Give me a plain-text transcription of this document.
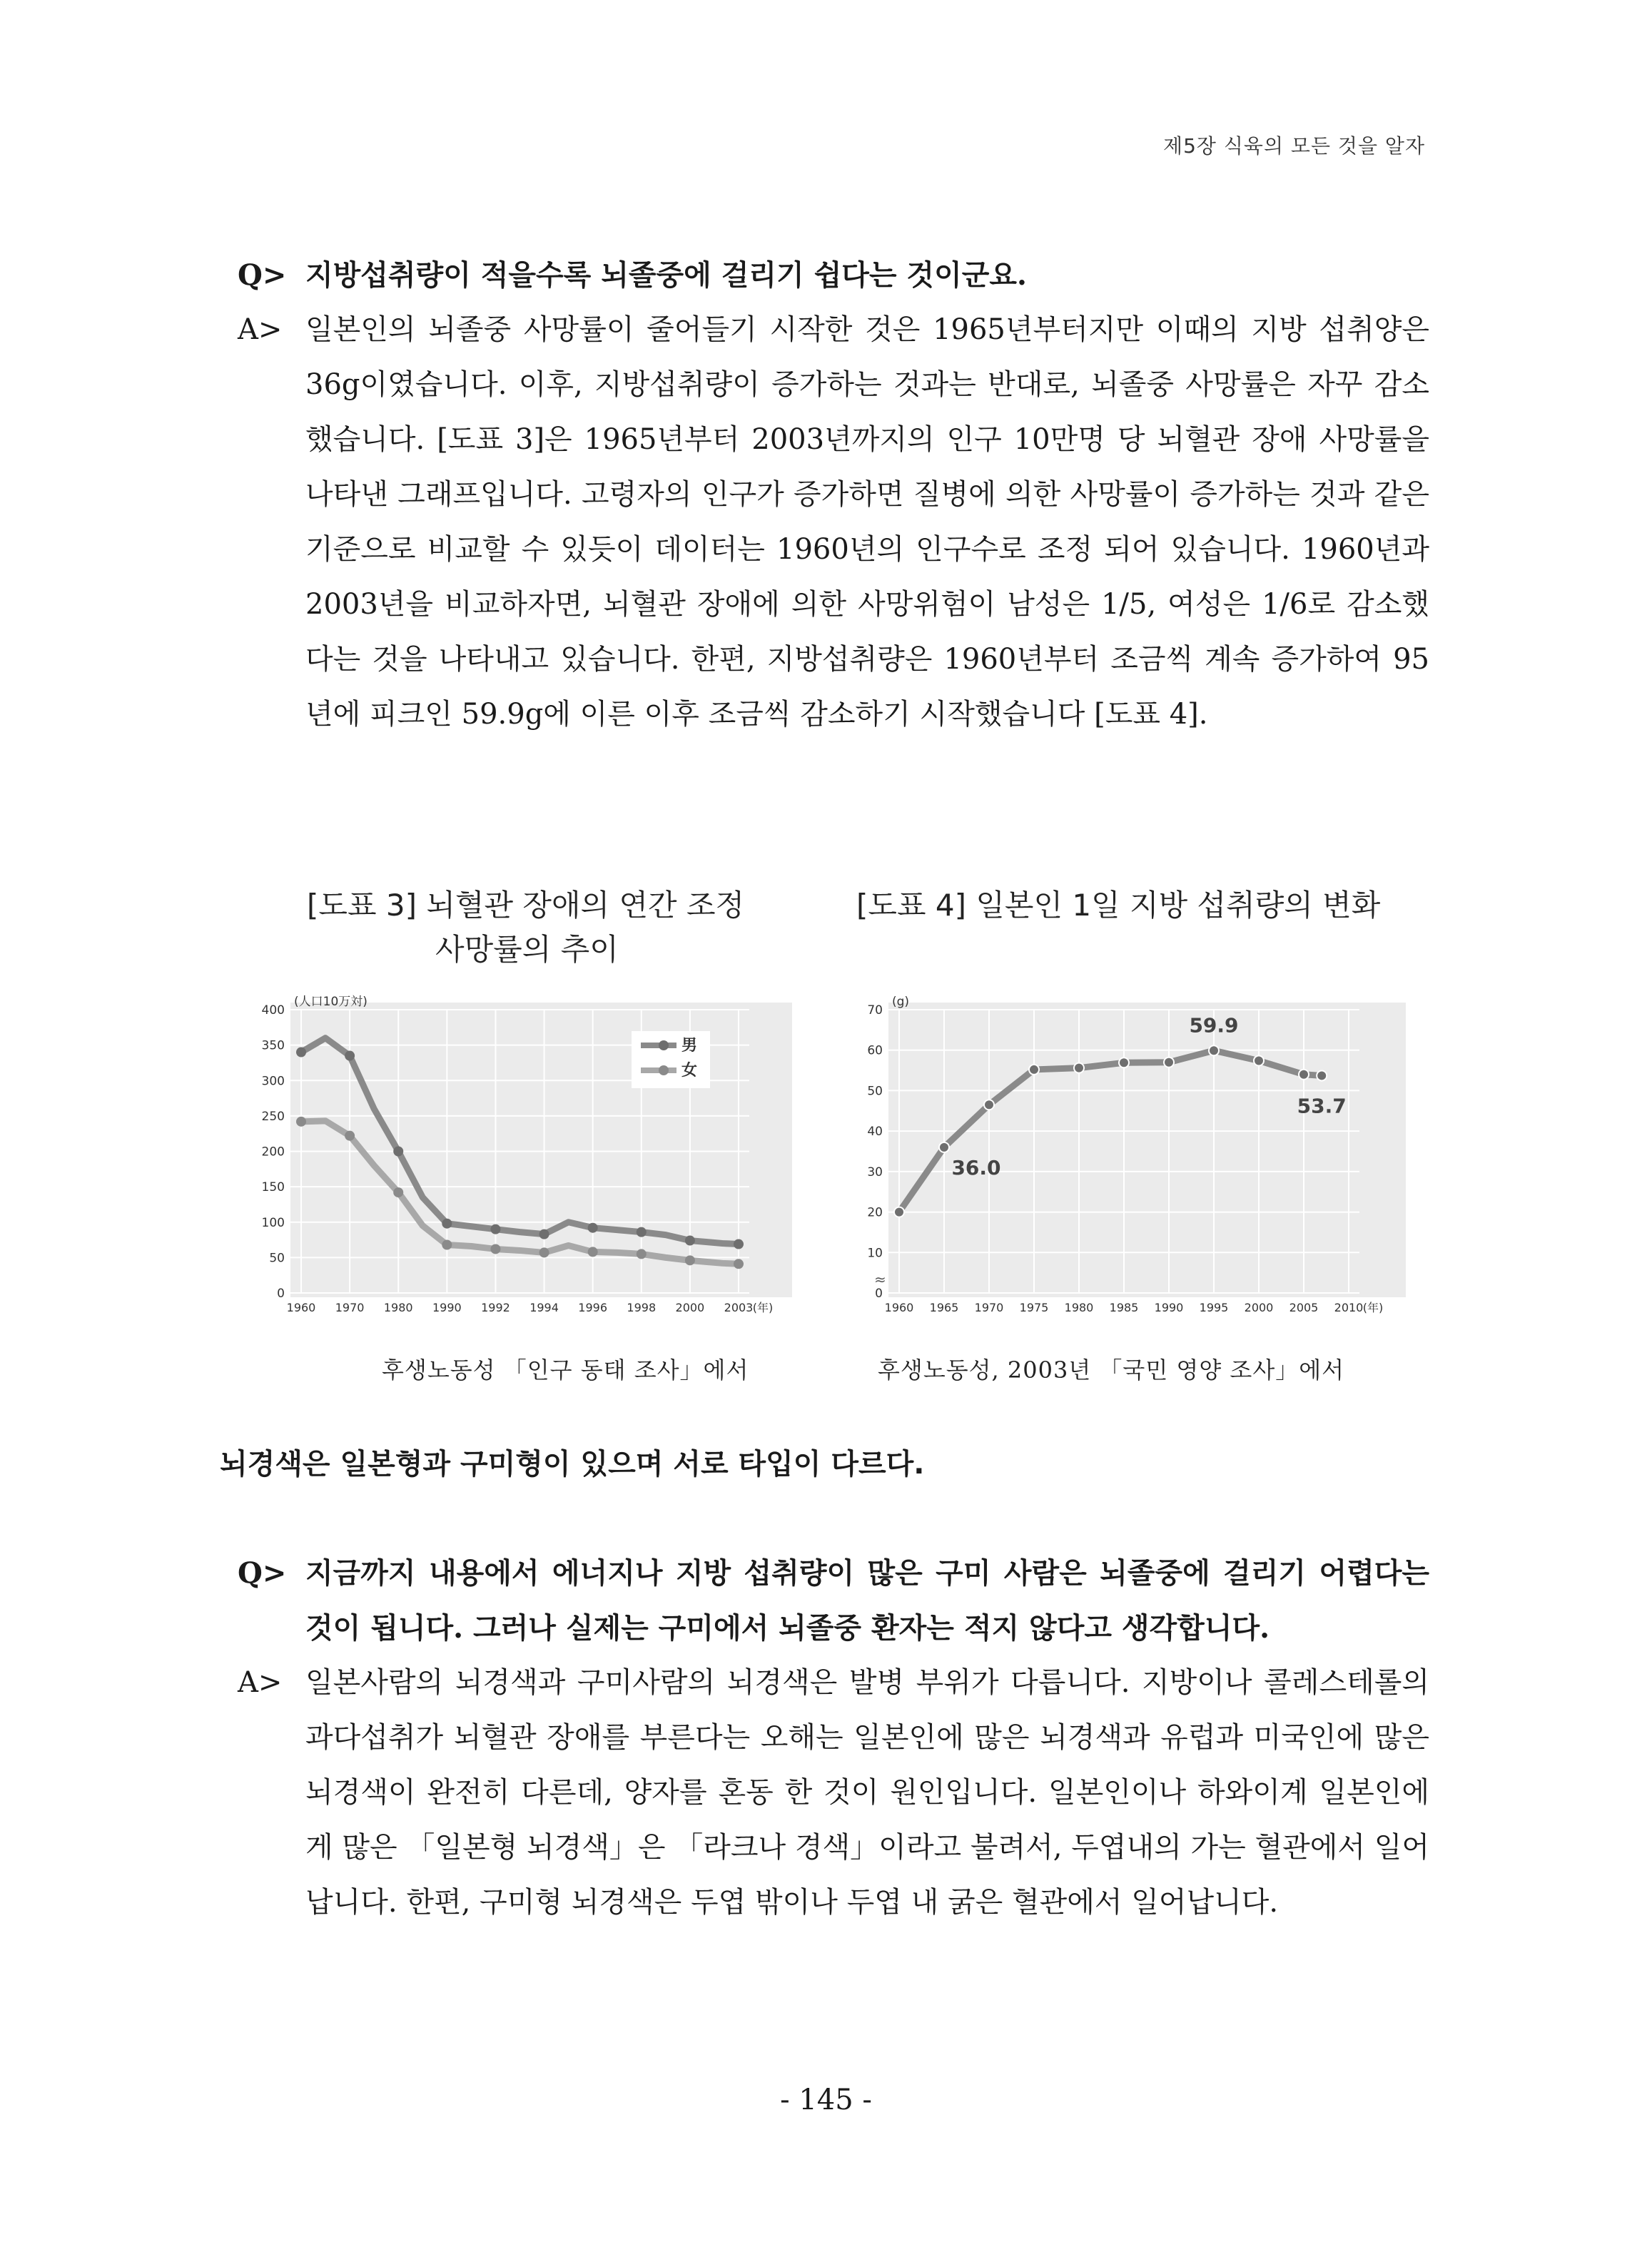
제5장 식육의 모든 것을 알자
Q> 지방섭취량이 적을수록 뇌졸중에 걸리기 쉽다는 것이군요.
A> 일본인의 뇌졸중 사망률이 줄어들기 시작한 것은 1965년부터지만 이때의 지방 섭취양은 36g이였습니다. 이후, 지방섭취량이 증가하는 것과는 반대로, 뇌졸중 사망률은 자꾸 감소했습니다. [도표 3]은 1965년부터 2003년까지의 인구 10만명 당 뇌혈관 장애 사망률을 나타낸 그래프입니다. 고령자의 인구가 증가하면 질병에 의한 사망률이 증가하는 것과 같은 기준으로 비교할 수 있듯이 데이터는 1960년의 인구수로 조정 되어 있습니다. 1960년과 2003년을 비교하자면, 뇌혈관 장애에 의한 사망위험이 남성은 1/5, 여성은 1/6로 감소했다는 것을 나타내고 있습니다. 한편, 지방섭취량은 1960년부터 조금씩 계속 증가하여 95년에 피크인 59.9g에 이른 이후 조금씩 감소하기 시작했습니다 [도표 4].
[도표 3] 뇌혈관 장애의 연간 조정
사망률의 추이
[도표 4] 일본인 1일 지방 섭취량의 변화
0
50
100
150
200
250
300
350
400
1960 1970 1980 1990 1992 1994 1996 1998 2000 2003 (年)
(人口10万対)
男
女
0
10
20
30
40
50
60
70
1960 1965 1970 1975 1980 1985 1990 1995 2000 2005 2010 (年)
59.9
36.0
53.7
(g)
≈
후생노동성 「인구 동태 조사」에서	후생노동성, 2003년 「국민 영양 조사」에서
뇌경색은 일본형과 구미형이 있으며 서로 타입이 다르다.
Q> 지금까지 내용에서 에너지나 지방 섭취량이 많은 구미 사람은 뇌졸중에 걸리기 어렵다는 것이 됩니다. 그러나 실제는 구미에서 뇌졸중 환자는 적지 않다고 생각합니다.
A> 일본사람의 뇌경색과 구미사람의 뇌경색은 발병 부위가 다릅니다. 지방이나 콜레스테롤의 과다섭취가 뇌혈관 장애를 부른다는 오해는 일본인에 많은 뇌경색과 유럽과 미국인에 많은 뇌경색이 완전히 다른데, 양자를 혼동 한 것이 원인입니다. 일본인이나 하와이계 일본인에게 많은 「일본형 뇌경색」은 「라크나 경색」이라고 불려서, 두엽내의 가는 혈관에서 일어납니다. 한편, 구미형 뇌경색은 두엽 밖이나 두엽 내 굵은 혈관에서 일어납니다.
- 145 -
